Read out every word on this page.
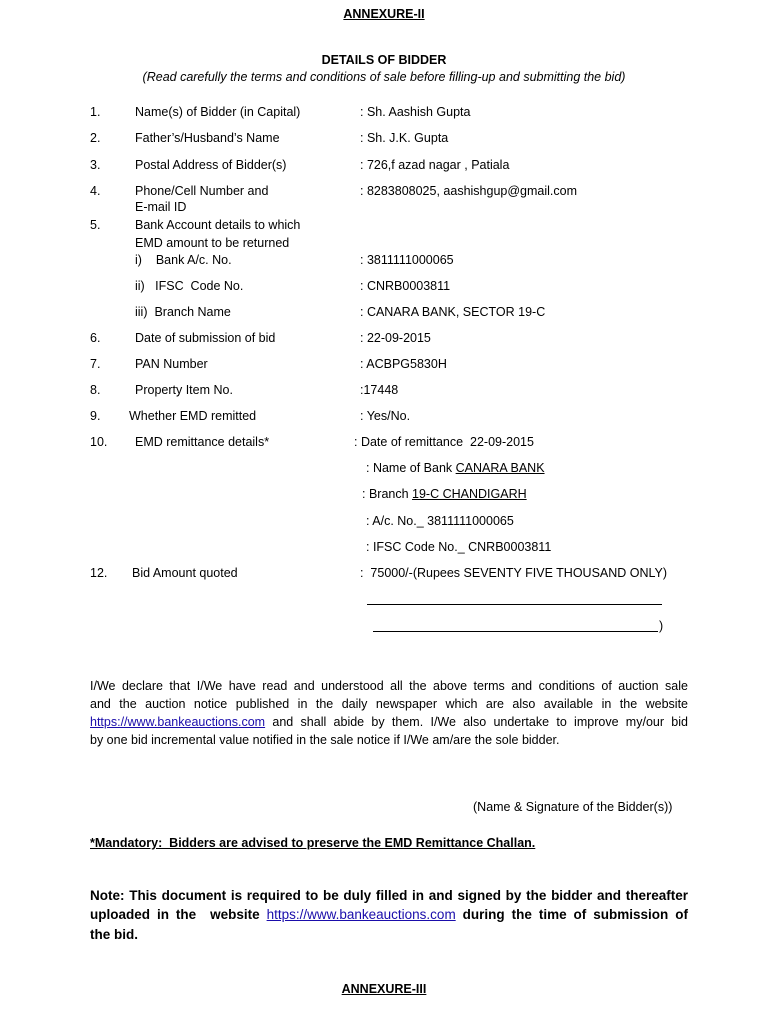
ANNEXURE-II
DETAILS OF BIDDER
(Read carefully the terms and conditions of sale before filling-up and submitting the bid)
1.	Name(s) of Bidder (in Capital)	: Sh. Aashish Gupta
2.	Father’s/Husband’s Name	: Sh. J.K. Gupta
3.	Postal Address of Bidder(s)	: 726,f azad nagar , Patiala
4.	Phone/Cell Number and
E-mail ID
: 8283808025, aashishgup@gmail.com
5.	Bank Account details to which
EMD amount to be returned
i)    Bank A/c. No.	: 3811111000065
ii)   IFSC  Code No.	: CNRB0003811
iii)  Branch Name	: CANARA BANK, SECTOR 19-C
6.	Date of submission of bid	: 22-09-2015
7.	PAN Number	: ACBPG5830H
8.	Property Item No.	:17448
9. Whether EMD remitted	: Yes/No.
10. EMD remittance details*	: Date of remittance  22-09-2015
: Name of Bank CANARA BANK
: Branch 19-C CHANDIGARH
: A/c. No._ 3811111000065
: IFSC Code No._ CNRB0003811
12. Bid Amount quoted	:  75000/-(Rupees SEVENTY FIVE THOUSAND ONLY)
)
I/We declare that I/We have read and understood all the above terms and conditions of auction sale
and the auction notice published in the daily newspaper which are also available in the website
https://www.bankeauctions.com and shall abide by them. I/We also undertake to improve my/our bid
by one bid incremental value notified in the sale notice if I/We am/are the sole bidder.
(Name & Signature of the Bidder(s))
*Mandatory:  Bidders are advised to preserve the EMD Remittance Challan.
Note: This document is required to be duly filled in and signed by the bidder and thereafter
uploaded in the  website https://www.bankeauctions.com during the time of submission of
the bid.
ANNEXURE-III
